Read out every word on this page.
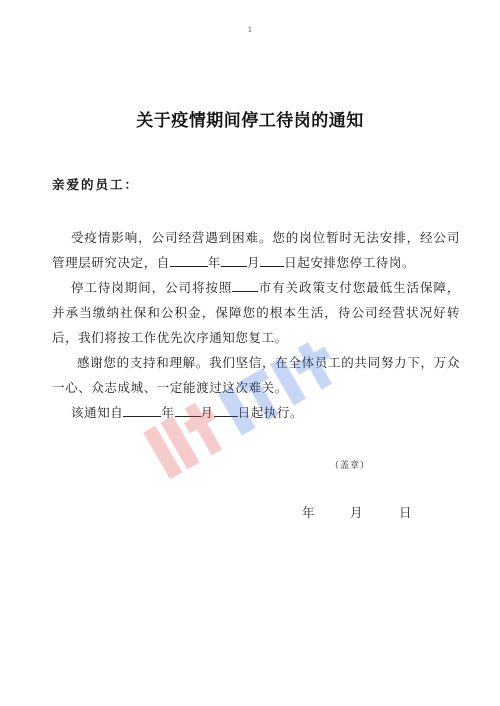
1
关于疫情期间停工待岗的通知
亲爱的员工：
受疫情影响，公司经营遇到困难。您的岗位暂时无法安排，经公司管理层研究决定，自	年 月 日起安排您停工待岗。
停工待岗期间，公司将按照 市有关政策支付您最低生活保障，并承当缴纳社保和公积金，保障您的根本生活，待公司经营状况好转后，我们将按工作优先次序通知您复工。
感谢您的支持和理解。我们坚信，在全体员工的共同努力下，万众一心、众志成城、一定能渡过这次难关。
该通知自	年 月 日起执行。
（盖章）
年	月	日
